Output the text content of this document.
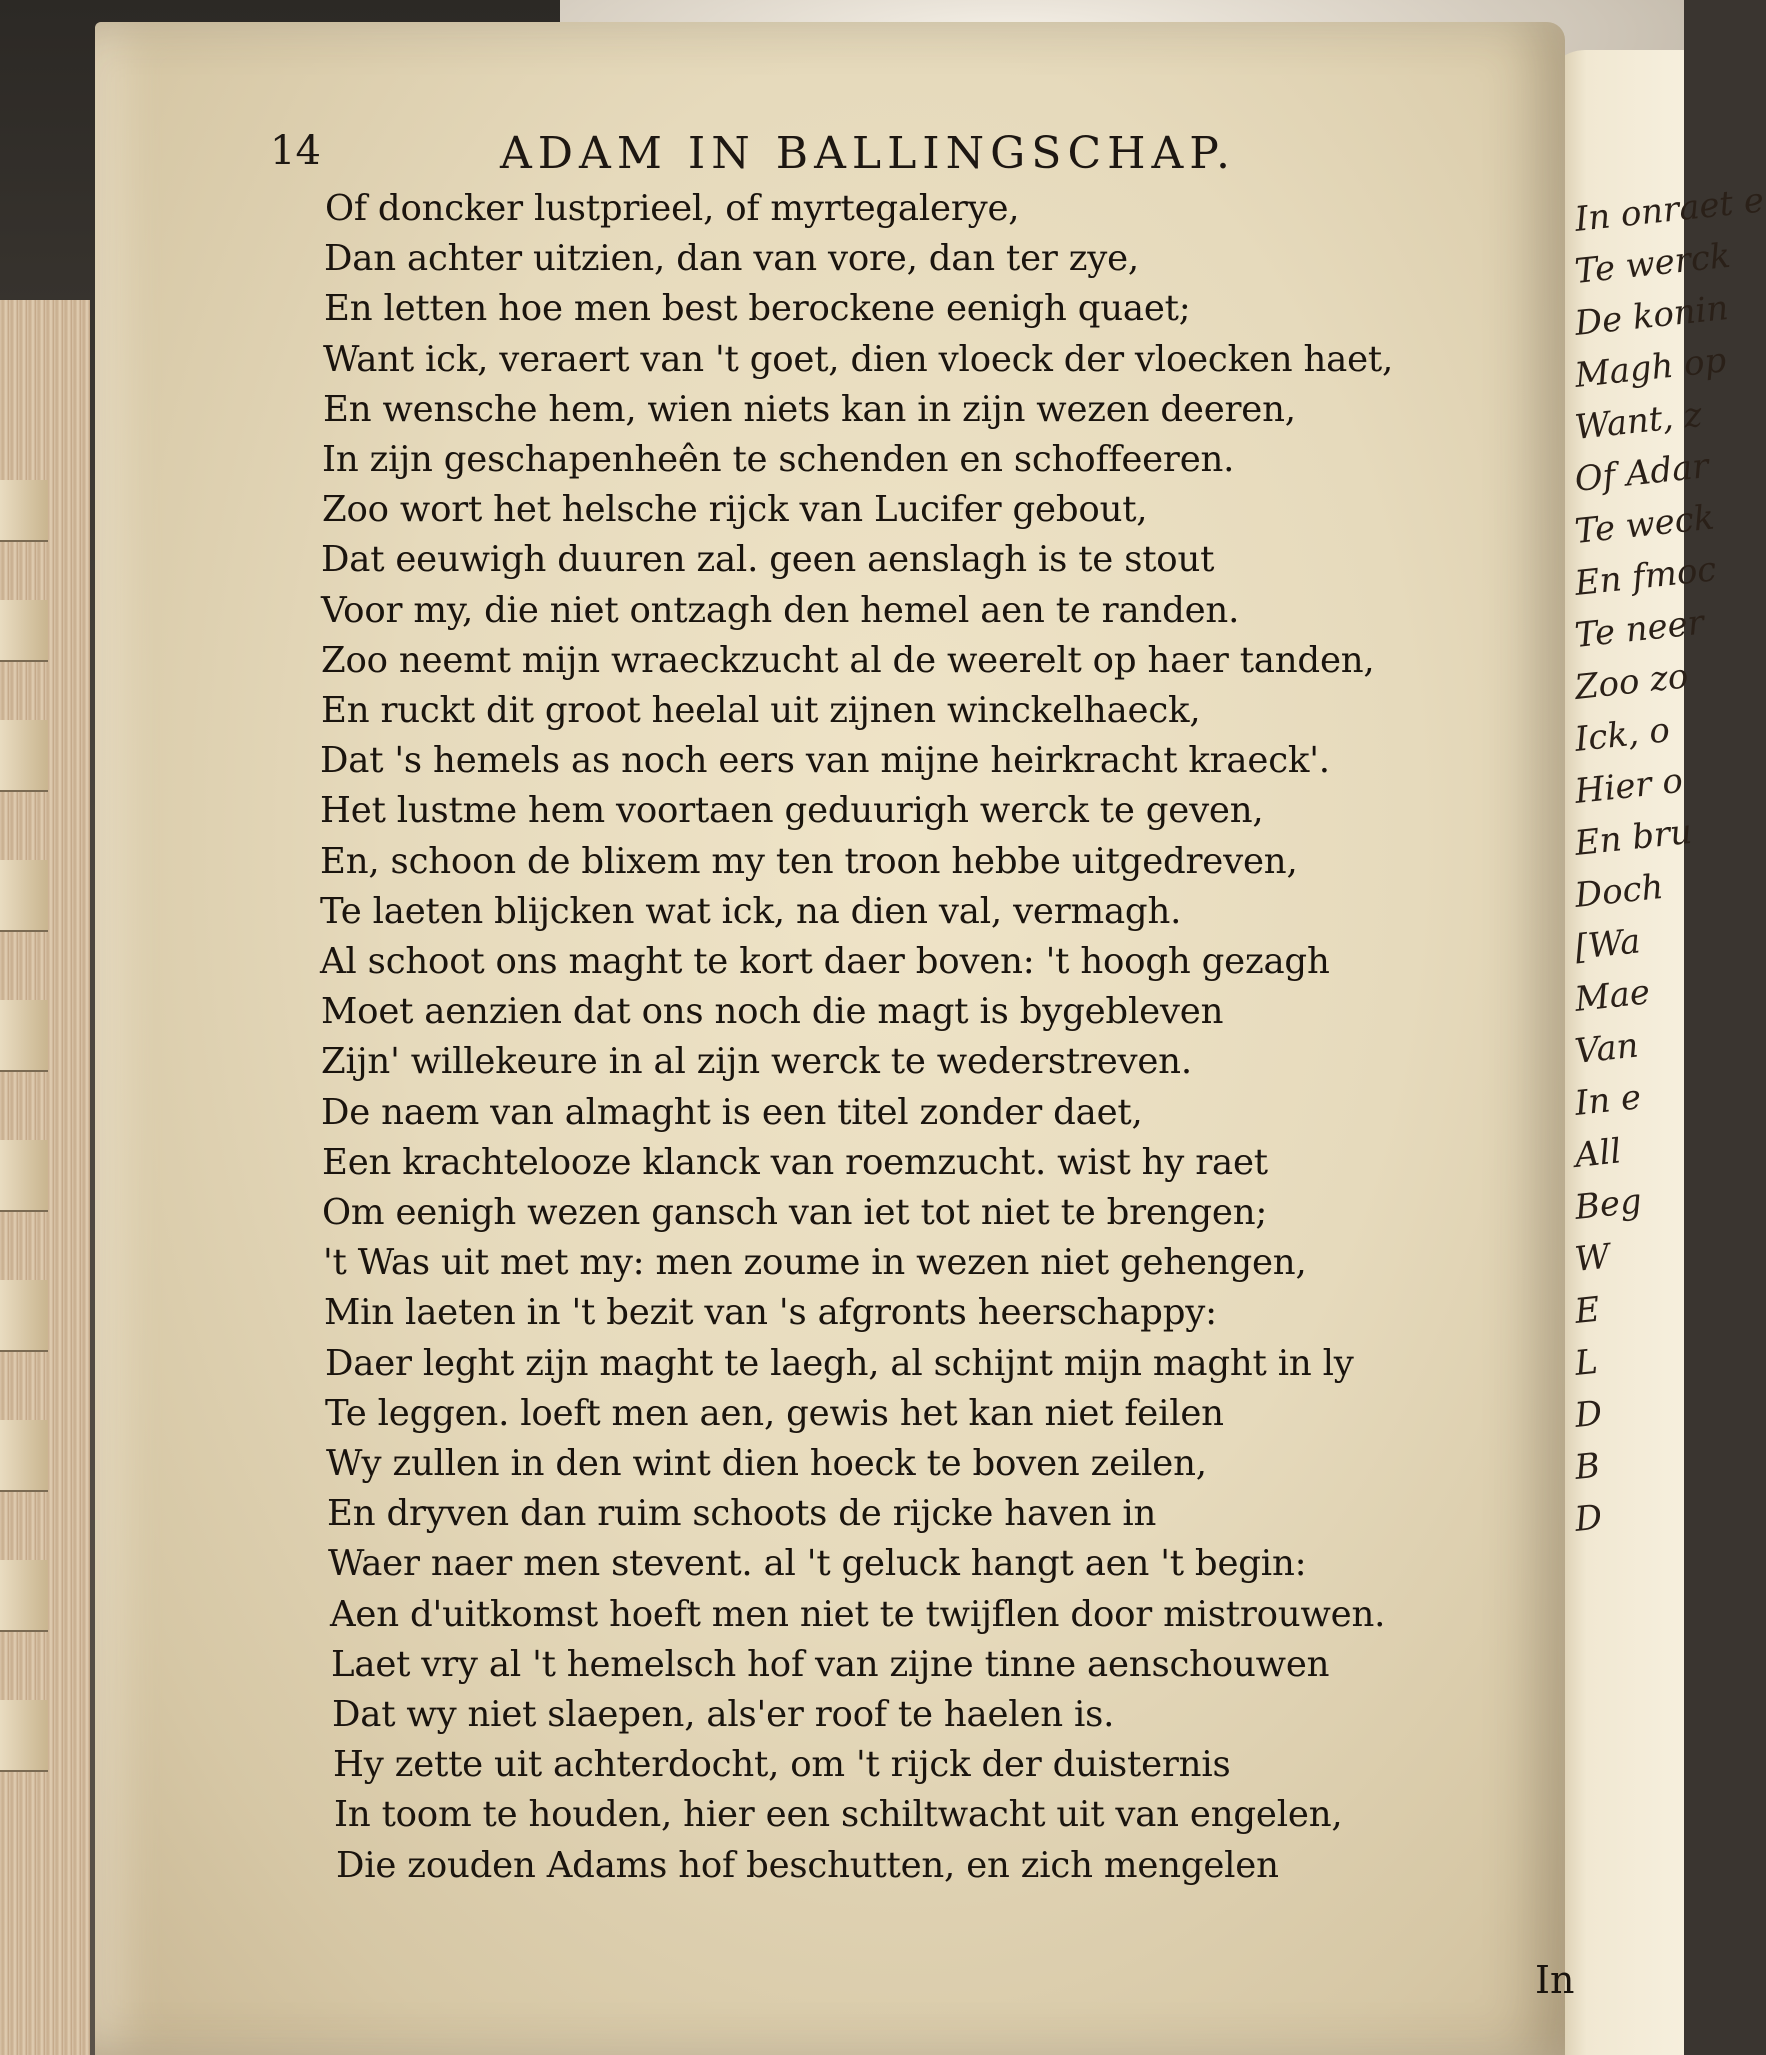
In onraet e
Te werck
De konin
Magh op
Want, z
Of Adar
Te weck
En fmoc
Te neer
Zoo zo
Ick, o
Hier o
En bru
Doch
[Wa
Mae
Van
In e
All
Beg
W
E
L
D
B
D
14	ADAM IN BALLINGSCHAP.
Of doncker lustprieel, of myrtegalerye,
Dan achter uitzien, dan van vore, dan ter zye,
En letten hoe men best berockene eenigh quaet;
Want ick, veraert van 't goet, dien vloeck der vloecken haet,
En wensche hem, wien niets kan in zijn wezen deeren,
In zijn geschapenheên te schenden en schoffeeren.
Zoo wort het helsche rijck van Lucifer gebout,
Dat eeuwigh duuren zal. geen aenslagh is te stout
Voor my, die niet ontzagh den hemel aen te randen.
Zoo neemt mijn wraeckzucht al de weerelt op haer tanden,
En ruckt dit groot heelal uit zijnen winckelhaeck,
Dat 's hemels as noch eers van mijne heirkracht kraeck'.
Het lustme hem voortaen geduurigh werck te geven,
En, schoon de blixem my ten troon hebbe uitgedreven,
Te laeten blijcken wat ick, na dien val, vermagh.
Al schoot ons maght te kort daer boven: 't hoogh gezagh
Moet aenzien dat ons noch die magt is bygebleven
Zijn' willekeure in al zijn werck te wederstreven.
De naem van almaght is een titel zonder daet,
Een krachtelooze klanck van roemzucht. wist hy raet
Om eenigh wezen gansch van iet tot niet te brengen;
't Was uit met my: men zoume in wezen niet gehengen,
Min laeten in 't bezit van 's afgronts heerschappy:
Daer leght zijn maght te laegh, al schijnt mijn maght in ly
Te leggen. loeft men aen, gewis het kan niet feilen
Wy zullen in den wint dien hoeck te boven zeilen,
En dryven dan ruim schoots de rijcke haven in
Waer naer men stevent. al 't geluck hangt aen 't begin:
Aen d'uitkomst hoeft men niet te twijflen door mistrouwen.
Laet vry al 't hemelsch hof van zijne tinne aenschouwen
Dat wy niet slaepen, als'er roof te haelen is.
Hy zette uit achterdocht, om 't rijck der duisternis
In toom te houden, hier een schiltwacht uit van engelen,
Die zouden Adams hof beschutten, en zich mengelen
In
